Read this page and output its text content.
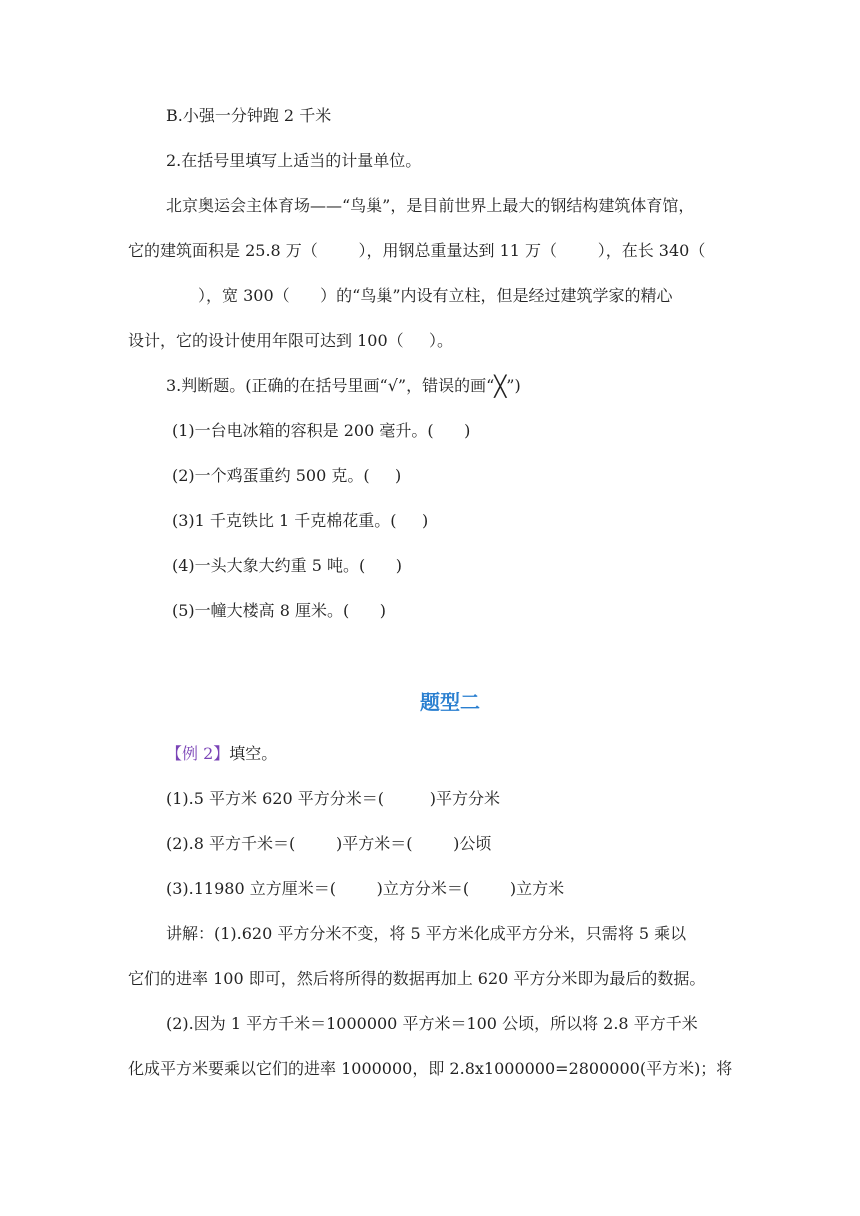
B.小强一分钟跑 2 千米
2.在括号里填写上适当的计量单位。
北京奥运会主体育场——“鸟巢”，是目前世界上最大的钢结构建筑体育馆，
它的建筑面积是 25.8 万（        ），用钢总重量达到 11 万（        ），在长 340（
），宽 300（      ）的“鸟巢”内设有立柱，但是经过建筑学家的精心
设计，它的设计使用年限可达到 100（     ）。
3.判断题。(正确的在括号里画“√”，错误的画“╳”)
(1)一台电冰箱的容积是 200 毫升。(      )
(2)一个鸡蛋重约 500 克。(     )
(3)1 千克铁比 1 千克棉花重。(     )
(4)一头大象大约重 5 吨。(      )
(5)一幢大楼高 8 厘米。(      )
题型二
【例 2】填空。
(1).5 平方米 620 平方分米＝(         )平方分米
(2).8 平方千米＝(        )平方米＝(        )公顷
(3).11980 立方厘米＝(        )立方分米＝(        )立方米
讲解：(1).620 平方分米不变，将 5 平方米化成平方分米，只需将 5 乘以
它们的进率 100 即可，然后将所得的数据再加上 620 平方分米即为最后的数据。
(2).因为 1 平方千米＝1000000 平方米＝100 公顷，所以将 2.8 平方千米
化成平方米要乘以它们的进率 1000000，即 2.8x1000000=2800000(平方米)；将
